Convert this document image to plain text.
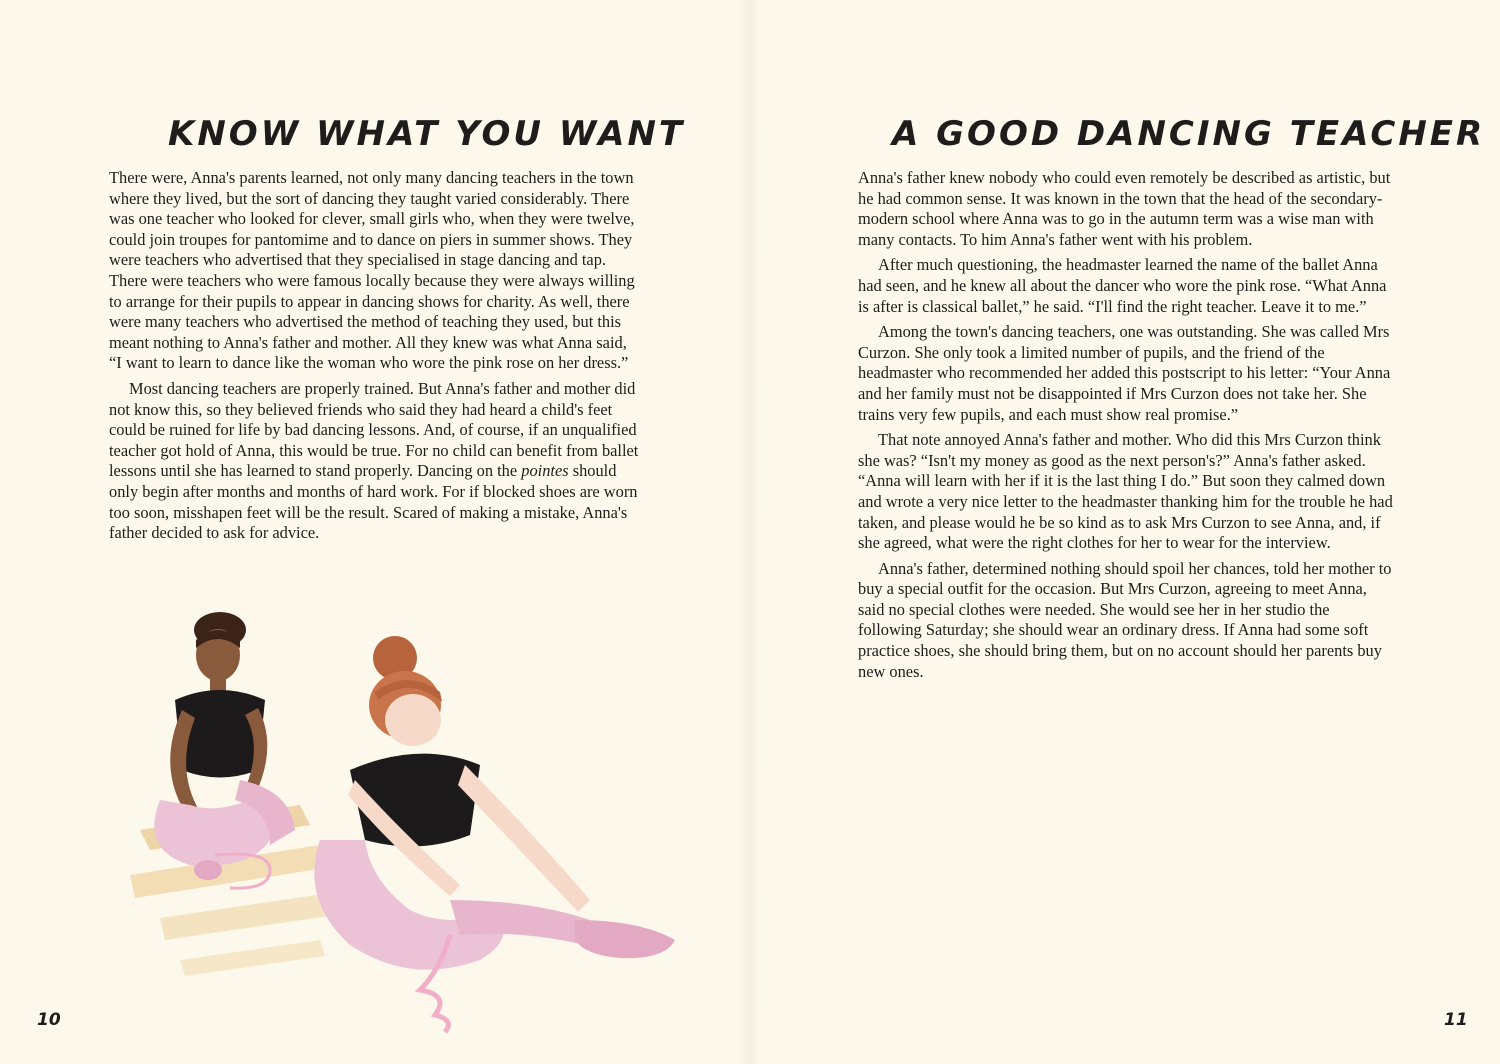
KNOW WHAT YOU WANT

There were, Anna's parents learned, not only many dancing teachers in the town where they lived, but the sort of dancing they taught varied considerably. There was one teacher who looked for clever, small girls who, when they were twelve, could join troupes for pantomime and to dance on piers in summer shows. They were teachers who advertised that they specialised in stage dancing and tap. There were teachers who were famous locally because they were always willing to arrange for their pupils to appear in dancing shows for charity. As well, there were many teachers who advertised the method of teaching they used, but this meant nothing to Anna's father and mother. All they knew was what Anna said, “I want to learn to dance like the woman who wore the pink rose on her dress.”

Most dancing teachers are properly trained. But Anna's father and mother did not know this, so they believed friends who said they had heard a child's feet could be ruined for life by bad dancing lessons. And, of course, if an unqualified teacher got hold of Anna, this would be true. For no child can benefit from ballet lessons until she has learned to stand properly. Dancing on the pointes should only begin after months and months of hard work. For if blocked shoes are worn too soon, misshapen feet will be the result. Scared of making a mistake, Anna's father decided to ask for advice.

10
A GOOD DANCING TEACHER

Anna's father knew nobody who could even remotely be described as artistic, but he had common sense. It was known in the town that the head of the secondary-modern school where Anna was to go in the autumn term was a wise man with many contacts. To him Anna's father went with his problem.

After much questioning, the headmaster learned the name of the ballet Anna had seen, and he knew all about the dancer who wore the pink rose. “What Anna is after is classical ballet,” he said. “I'll find the right teacher. Leave it to me.”

Among the town's dancing teachers, one was outstanding. She was called Mrs Curzon. She only took a limited number of pupils, and the friend of the headmaster who recommended her added this postscript to his letter: “Your Anna and her family must not be disappointed if Mrs Curzon does not take her. She trains very few pupils, and each must show real promise.”

That note annoyed Anna's father and mother. Who did this Mrs Curzon think she was? “Isn't my money as good as the next person's?” Anna's father asked. “Anna will learn with her if it is the last thing I do.” But soon they calmed down and wrote a very nice letter to the headmaster thanking him for the trouble he had taken, and please would he be so kind as to ask Mrs Curzon to see Anna, and, if she agreed, what were the right clothes for her to wear for the interview.

Anna's father, determined nothing should spoil her chances, told her mother to buy a special outfit for the occasion. But Mrs Curzon, agreeing to meet Anna, said no special clothes were needed. She would see her in her studio the following Saturday; she should wear an ordinary dress. If Anna had some soft practice shoes, she should bring them, but on no account should her parents buy new ones.

11
